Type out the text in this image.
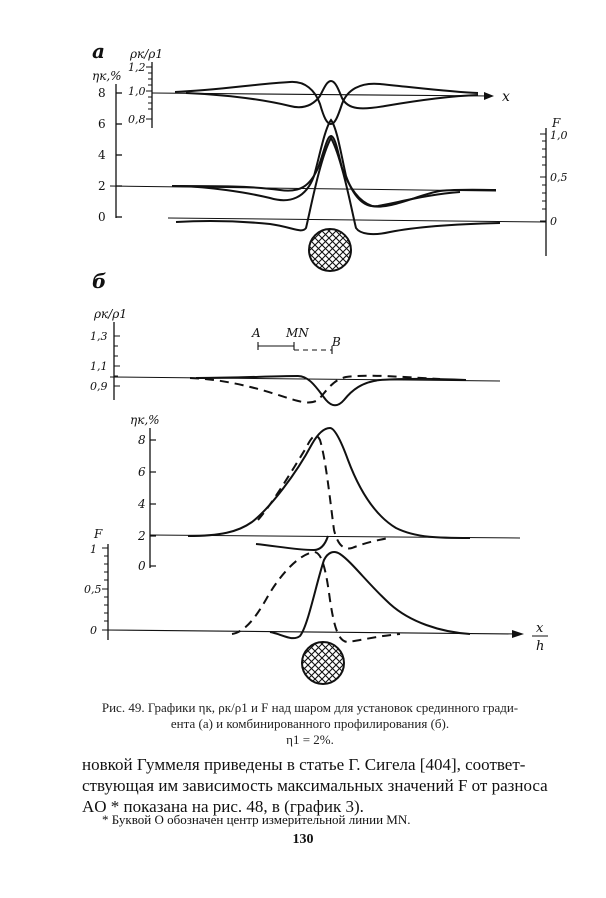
a
ηк,%
8
6
4
2
0
ρк/ρ1
1,2
1,0
0,8
x
F
1,0
0,5
0
б
ρк/ρ1
1,3
1,1
0,9
A MN
B
ηк,%
8
6
4
2
0
F
1
0,5
0	x
h
Рис. 49. Графики ηк, ρк/ρ1 и F над шаром для установок срединного гради-
ента (а) и комбинированного профилирования (б).
η1 = 2%.
новкой Гуммеля приведены в статье Г. Сигела [404], соответ-
ствующая им зависимость максимальных значений F от разноса
AO * показана на рис. 48, в (график 3).
* Буквой O обозначен центр измерительной линии MN.
130
